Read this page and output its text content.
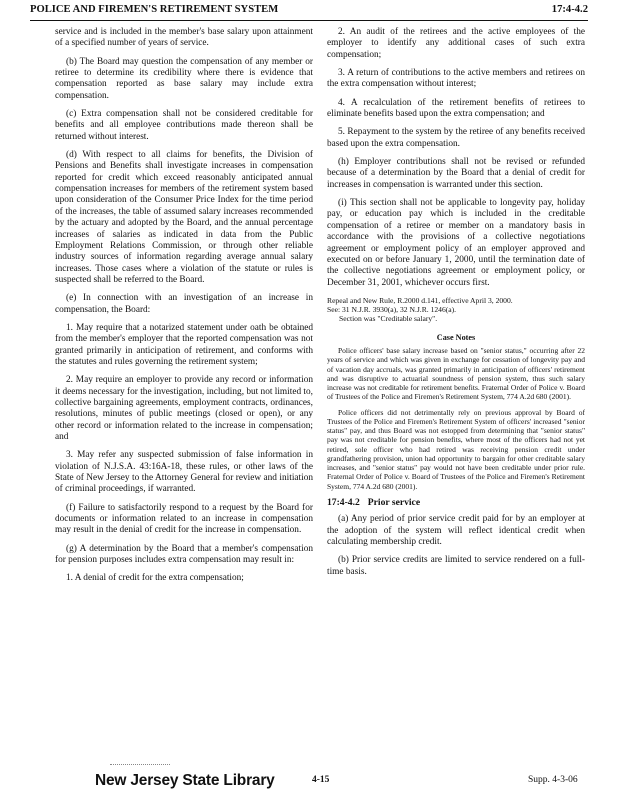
POLICE AND FIREMEN'S RETIREMENT SYSTEM	17:4-4.2

service and is included in the member's base salary upon attainment of a specified number of years of service.

(b) The Board may question the compensation of any member or retiree to determine its credibility where there is evidence that compensation reported as base salary may include extra compensation.

(c) Extra compensation shall not be considered creditable for benefits and all employee contributions made thereon shall be returned without interest.

(d) With respect to all claims for benefits, the Division of Pensions and Benefits shall investigate increases in compensation reported for credit which exceed reasonably anticipated annual compensation increases for members of the retirement system based upon consideration of the Consumer Price Index for the time period of the increases, the table of assumed salary increases recommended by the actuary and adopted by the Board, and the annual percentage increases of salaries as indicated in data from the Public Employment Relations Commission, or through other reliable industry sources of information regarding average annual salary increases. Those cases where a violation of the statute or rules is suspected shall be referred to the Board.

(e) In connection with an investigation of an increase in compensation, the Board:

1. May require that a notarized statement under oath be obtained from the member's employer that the reported compensation was not granted primarily in anticipation of retirement, and conforms with the statutes and rules governing the retirement system;

2. May require an employer to provide any record or information it deems necessary for the investigation, including, but not limited to, collective bargaining agreements, employment contracts, ordinances, resolutions, minutes of public meetings (closed or open), or any other record or information related to the increase in compensation; and

3. May refer any suspected submission of false information in violation of N.J.S.A. 43:16A-18, these rules, or other laws of the State of New Jersey to the Attorney General for review and initiation of criminal proceedings, if warranted.

(f) Failure to satisfactorily respond to a request by the Board for documents or information related to an increase in compensation may result in the denial of credit for the increase in compensation.

(g) A determination by the Board that a member's compensation for pension purposes includes extra compensation may result in:

1. A denial of credit for the extra compensation;

2. An audit of the retirees and the active employees of the employer to identify any additional cases of such extra compensation;

3. A return of contributions to the active members and retirees on the extra compensation without interest;

4. A recalculation of the retirement benefits of retirees to eliminate benefits based upon the extra compensation; and

5. Repayment to the system by the retiree of any benefits received based upon the extra compensation.

(h) Employer contributions shall not be revised or refunded because of a determination by the Board that a denial of credit for increases in compensation is warranted under this section.

(i) This section shall not be applicable to longevity pay, holiday pay, or education pay which is included in the creditable compensation of a retiree or member on a mandatory basis in accordance with the provisions of a collective negotiations agreement or employment policy of an employer approved and executed on or before January 1, 2000, until the termination date of the collective negotiations agreement or employment policy, or December 31, 2001, whichever occurs first.

Repeal and New Rule, R.2000 d.141, effective April 3, 2000.
See: 31 N.J.R. 3930(a), 32 N.J.R. 1246(a).
Section was "Creditable salary".
Case Notes
Police officers' base salary increase based on "senior status," occurring after 22 years of service and which was given in exchange for cessation of longevity pay and of vacation day accruals, was granted primarily in anticipation of officers' retirement and was disruptive to actuarial soundness of pension system, thus such salary increase was not creditable for retirement benefits. Fraternal Order of Police v. Board of Trustees of the Police and Firemen's Retirement System, 774 A.2d 680 (2001).
Police officers did not detrimentally rely on previous approval by Board of Trustees of the Police and Firemen's Retirement System of officers' increased "senior status" pay, and thus Board was not estopped from determining that "senior status" pay was not creditable for pension benefits, where most of the officers had not yet retired, sole officer who had retired was receiving pension credit under grandfathering provision, union had opportunity to bargain for other creditable salary increases, and "senior status" pay would not have been creditable under prior rule. Fraternal Order of Police v. Board of Trustees of the Police and Firemen's Retirement System, 774 A.2d 680 (2001).
17:4-4.2 Prior service

(a) Any period of prior service credit paid for by an employer at the adoption of the system will reflect identical credit when calculating membership credit.

(b) Prior service credits are limited to service rendered on a full-time basis.

New Jersey State Library	4-15	Supp. 4-3-06
